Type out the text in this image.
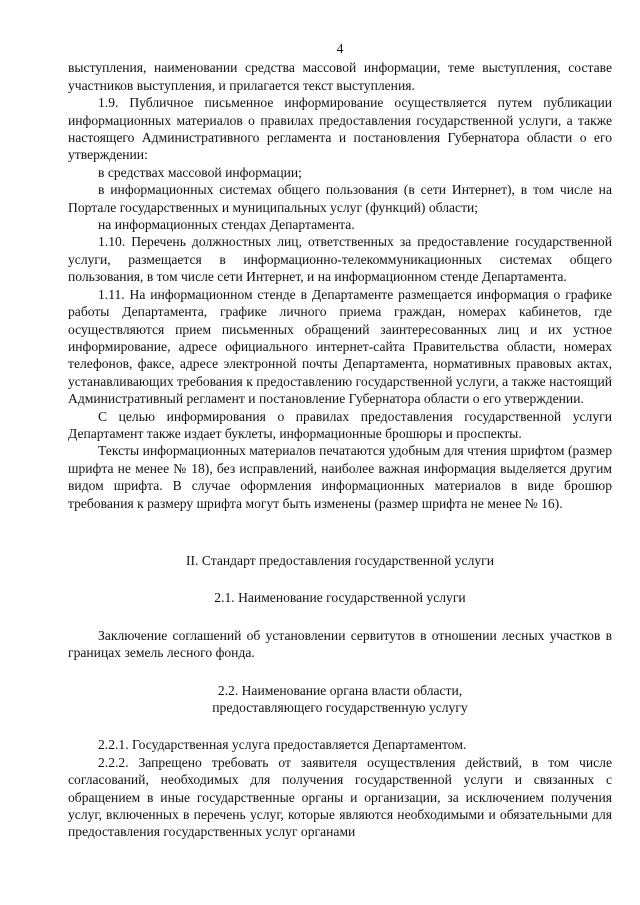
4

выступления, наименовании средства массовой информации, теме выступления, составе участников выступления, и прилагается текст выступления.

1.9. Публичное письменное информирование осуществляется путем публикации информационных материалов о правилах предоставления государственной услуги, а также настоящего Административного регламента и постановления Губернатора области о его утверждении:

в средствах массовой информации;

в информационных системах общего пользования (в сети Интернет), в том числе на Портале государственных и муниципальных услуг (функций) области;

на информационных стендах Департамента.

1.10. Перечень должностных лиц, ответственных за предоставление государственной услуги, размещается в информационно-телекоммуникационных системах общего пользования, в том числе сети Интернет, и на информационном стенде Департамента.

1.11. На информационном стенде в Департаменте размещается информация о графике работы Департамента, графике личного приема граждан, номерах кабинетов, где осуществляются прием письменных обращений заинтересованных лиц и их устное информирование, адресе официального интернет-сайта Правительства области, номерах телефонов, факсе, адресе электронной почты Департамента, нормативных правовых актах, устанавливающих требования к предоставлению государственной услуги, а также настоящий Административный регламент и постановление Губернатора области о его утверждении.

С целью информирования о правилах предоставления государственной услуги Департамент также издает буклеты, информационные брошюры и проспекты.

Тексты информационных материалов печатаются удобным для чтения шрифтом (размер шрифта не менее № 18), без исправлений, наиболее важная информация выделяется другим видом шрифта. В случае оформления информационных материалов в виде брошюр требования к размеру шрифта могут быть изменены (размер шрифта не менее № 16).

II. Стандарт предоставления государственной услуги

2.1. Наименование государственной услуги

Заключение соглашений об установлении сервитутов в отношении лесных участков в границах земель лесного фонда.

2.2. Наименование органа власти области,

предоставляющего государственную услугу

2.2.1. Государственная услуга предоставляется Департаментом.

2.2.2. Запрещено требовать от заявителя осуществления действий, в том числе согласований, необходимых для получения государственной услуги и связанных с обращением в иные государственные органы и организации, за исключением получения услуг, включенных в перечень услуг, которые являются необходимыми и обязательными для предоставления государственных услуг органами
